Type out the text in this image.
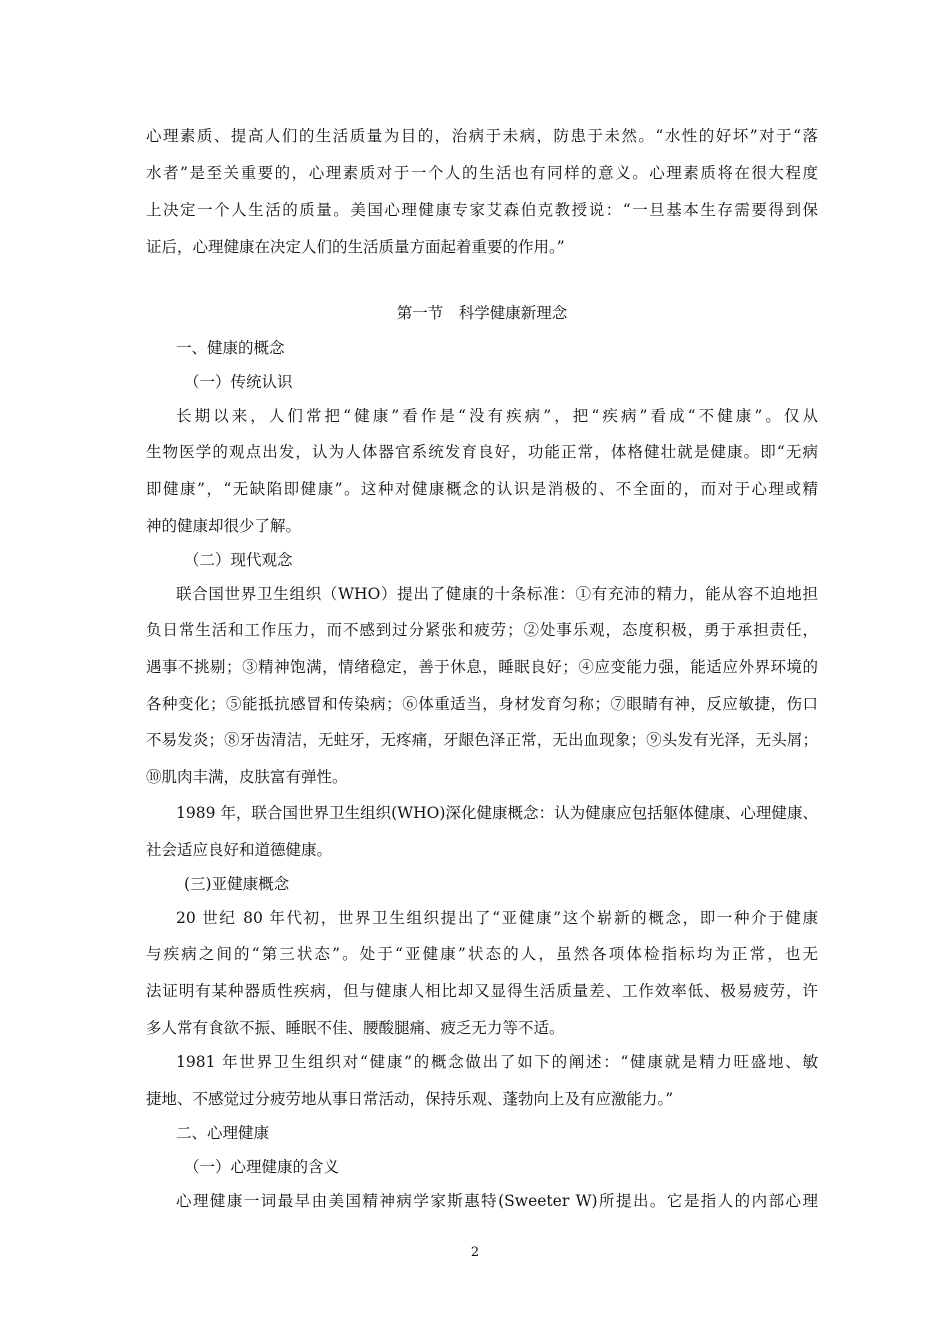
心理素质、提高人们的生活质量为目的，治病于未病，防患于未然。“水性的好坏”对于“落
水者”是至关重要的，心理素质对于一个人的生活也有同样的意义。心理素质将在很大程度
上决定一个人生活的质量。美国心理健康专家艾森伯克教授说：“一旦基本生存需要得到保
证后，心理健康在决定人们的生活质量方面起着重要的作用。”
第一节　科学健康新理念
一、健康的概念
（一）传统认识
长期以来，人们常把“健康”看作是“没有疾病”，把“疾病”看成“不健康”。仅从
生物医学的观点出发，认为人体器官系统发育良好，功能正常，体格健壮就是健康。即“无病
即健康”，“无缺陷即健康”。这种对健康概念的认识是消极的、不全面的，而对于心理或精
神的健康却很少了解。
（二）现代观念
联合国世界卫生组织（WHO）提出了健康的十条标准：①有充沛的精力，能从容不迫地担
负日常生活和工作压力，而不感到过分紧张和疲劳；②处事乐观，态度积极，勇于承担责任，
遇事不挑剔；③精神饱满，情绪稳定，善于休息，睡眠良好；④应变能力强，能适应外界环境的
各种变化；⑤能抵抗感冒和传染病；⑥体重适当，身材发育匀称；⑦眼睛有神，反应敏捷，伤口
不易发炎；⑧牙齿清洁，无蛀牙，无疼痛，牙龈色泽正常，无出血现象；⑨头发有光泽，无头屑；
⑩肌肉丰满，皮肤富有弹性。
1989 年，联合国世界卫生组织(WHO)深化健康概念：认为健康应包括躯体健康、心理健康、
社会适应良好和道德健康。
(三)亚健康概念
20 世纪 80 年代初，世界卫生组织提出了“亚健康”这个崭新的概念，即一种介于健康
与疾病之间的“第三状态”。处于“亚健康”状态的人，虽然各项体检指标均为正常，也无
法证明有某种器质性疾病，但与健康人相比却又显得生活质量差、工作效率低、极易疲劳，许
多人常有食欲不振、睡眠不佳、腰酸腿痛、疲乏无力等不适。
1981 年世界卫生组织对“健康”的概念做出了如下的阐述：“健康就是精力旺盛地、敏
捷地、不感觉过分疲劳地从事日常活动，保持乐观、蓬勃向上及有应激能力。”
二、心理健康
（一）心理健康的含义
心理健康一词最早由美国精神病学家斯惠特(Sweeter W)所提出。它是指人的内部心理
2
